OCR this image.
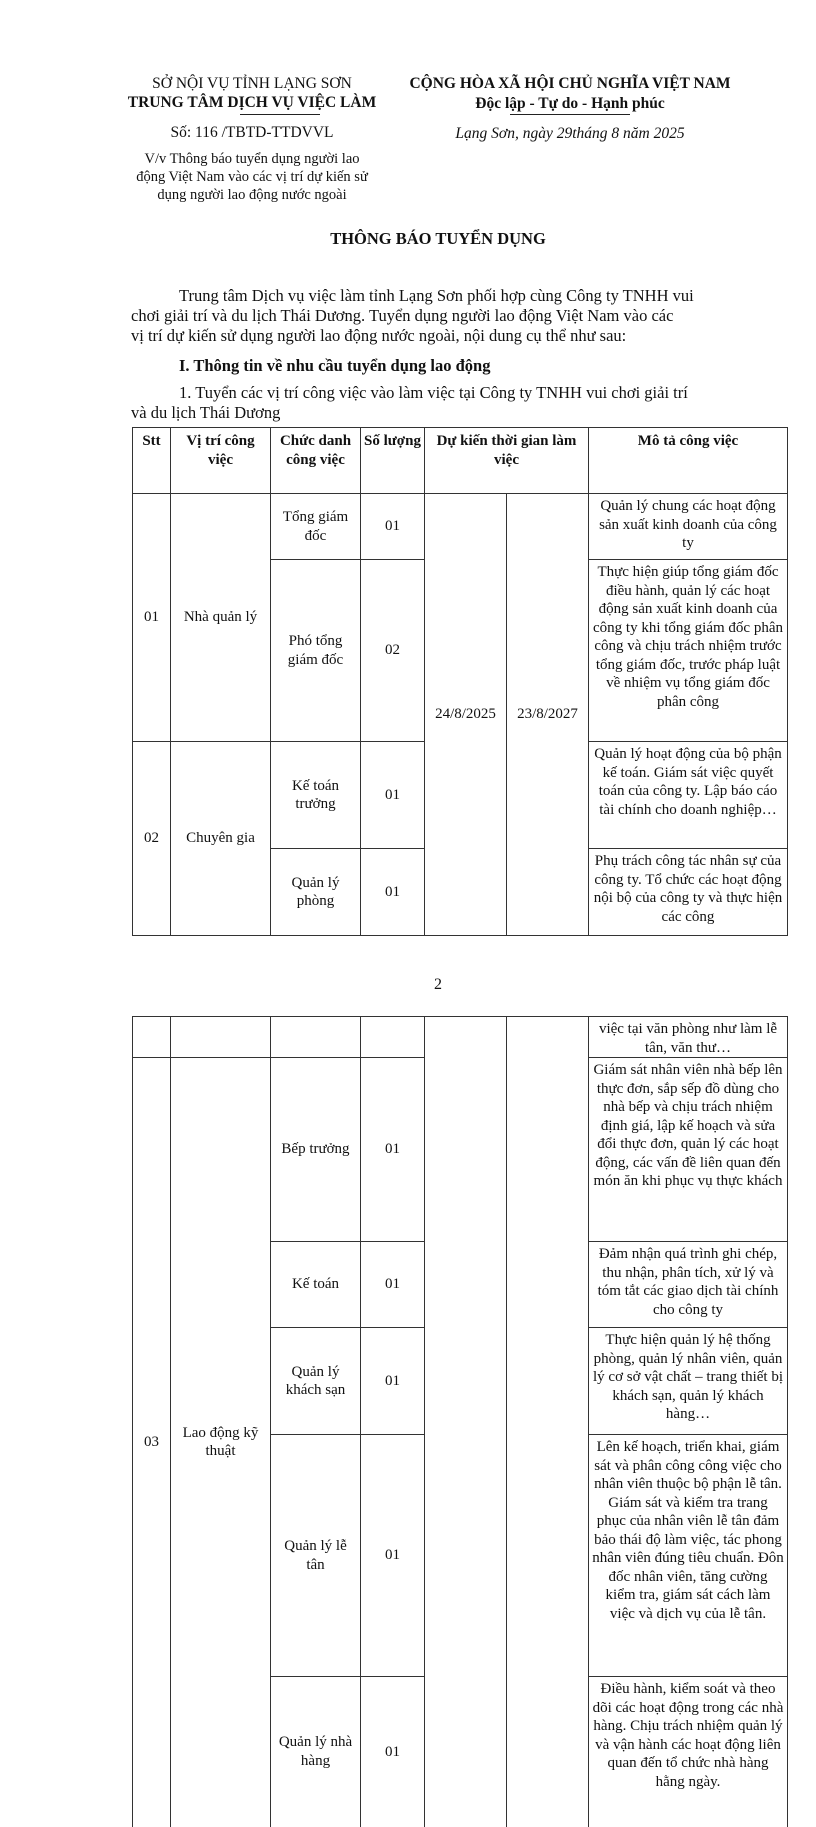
SỞ NỘI VỤ TỈNH LẠNG SƠN
TRUNG TÂM DỊCH VỤ VIỆC LÀM
Số: 116 /TBTD-TTDVVL
V/v Thông báo tuyển dụng người lao
động Việt Nam vào các vị trí dự kiến sử
dụng người lao động nước ngoài
CỘNG HÒA XÃ HỘI CHỦ NGHĨA VIỆT NAM
Độc lập - Tự do - Hạnh phúc
Lạng Sơn, ngày 29tháng 8 năm 2025
THÔNG BÁO TUYỂN DỤNG
Trung tâm Dịch vụ việc làm tỉnh Lạng Sơn phối hợp cùng Công ty TNHH vui
chơi giải trí và du lịch Thái Dương. Tuyển dụng người lao động Việt Nam vào các
vị trí dự kiến sử dụng người lao động nước ngoài, nội dung cụ thể như sau:
I. Thông tin về nhu cầu tuyển dụng lao động
1. Tuyển các vị trí công việc vào làm việc tại Công ty TNHH vui chơi giải trí
và du lịch Thái Dương
Stt	Vị trí công việc	Chức danh công việc	Số lượng	Dự kiến thời gian làm việc		Mô tả công việc
01	Nhà quản lý	Tổng giám đốc	01	24/8/2025	23/8/2027	Quản lý chung các hoạt động sản xuất kinh doanh của công ty
		Phó tổng giám đốc	02			Thực hiện giúp tổng giám đốc điều hành, quản lý các hoạt động sản xuất kinh doanh của công ty khi tổng giám đốc phân công và chịu trách nhiệm trước tổng giám đốc, trước pháp luật về nhiệm vụ tổng giám đốc phân công
02	Chuyên gia	Kế toán trưởng	01			Quản lý hoạt động của bộ phận kế toán. Giám sát việc quyết toán của công ty. Lập báo cáo tài chính cho doanh nghiệp…
		Quản lý phòng	01			Phụ trách công tác nhân sự của công ty. Tổ chức các hoạt động nội bộ của công ty và thực hiện các công
2
						việc tại văn phòng như làm lễ tân, văn thư…
03	Lao động kỹ thuật	Bếp trưởng	01			Giám sát nhân viên nhà bếp lên thực đơn, sắp sếp đồ dùng cho nhà bếp và chịu trách nhiệm định giá, lập kế hoạch và sửa đổi thực đơn, quản lý các hoạt động, các vấn đề liên quan đến món ăn khi phục vụ thực khách
		Kế toán	01			Đảm nhận quá trình ghi chép, thu nhận, phân tích, xử lý và tóm tắt các giao dịch tài chính cho công ty
		Quản lý khách sạn	01			Thực hiện quản lý hệ thống phòng, quản lý nhân viên, quản lý cơ sở vật chất – trang thiết bị khách sạn, quản lý khách hàng…
		Quản lý lễ tân	01			Lên kế hoạch, triển khai, giám sát và phân công công việc cho nhân viên thuộc bộ phận lễ tân. Giám sát và kiểm tra trang phục của nhân viên lễ tân đảm bảo thái độ làm việc, tác phong nhân viên đúng tiêu chuẩn. Đôn đốc nhân viên, tăng cường kiểm tra, giám sát cách làm việc và dịch vụ của lễ tân.
		Quản lý nhà hàng	01			Điều hành, kiểm soát và theo dõi các hoạt động trong các nhà hàng. Chịu trách nhiệm quản lý và vận hành các hoạt động liên quan đến tổ chức nhà hàng hằng ngày.
